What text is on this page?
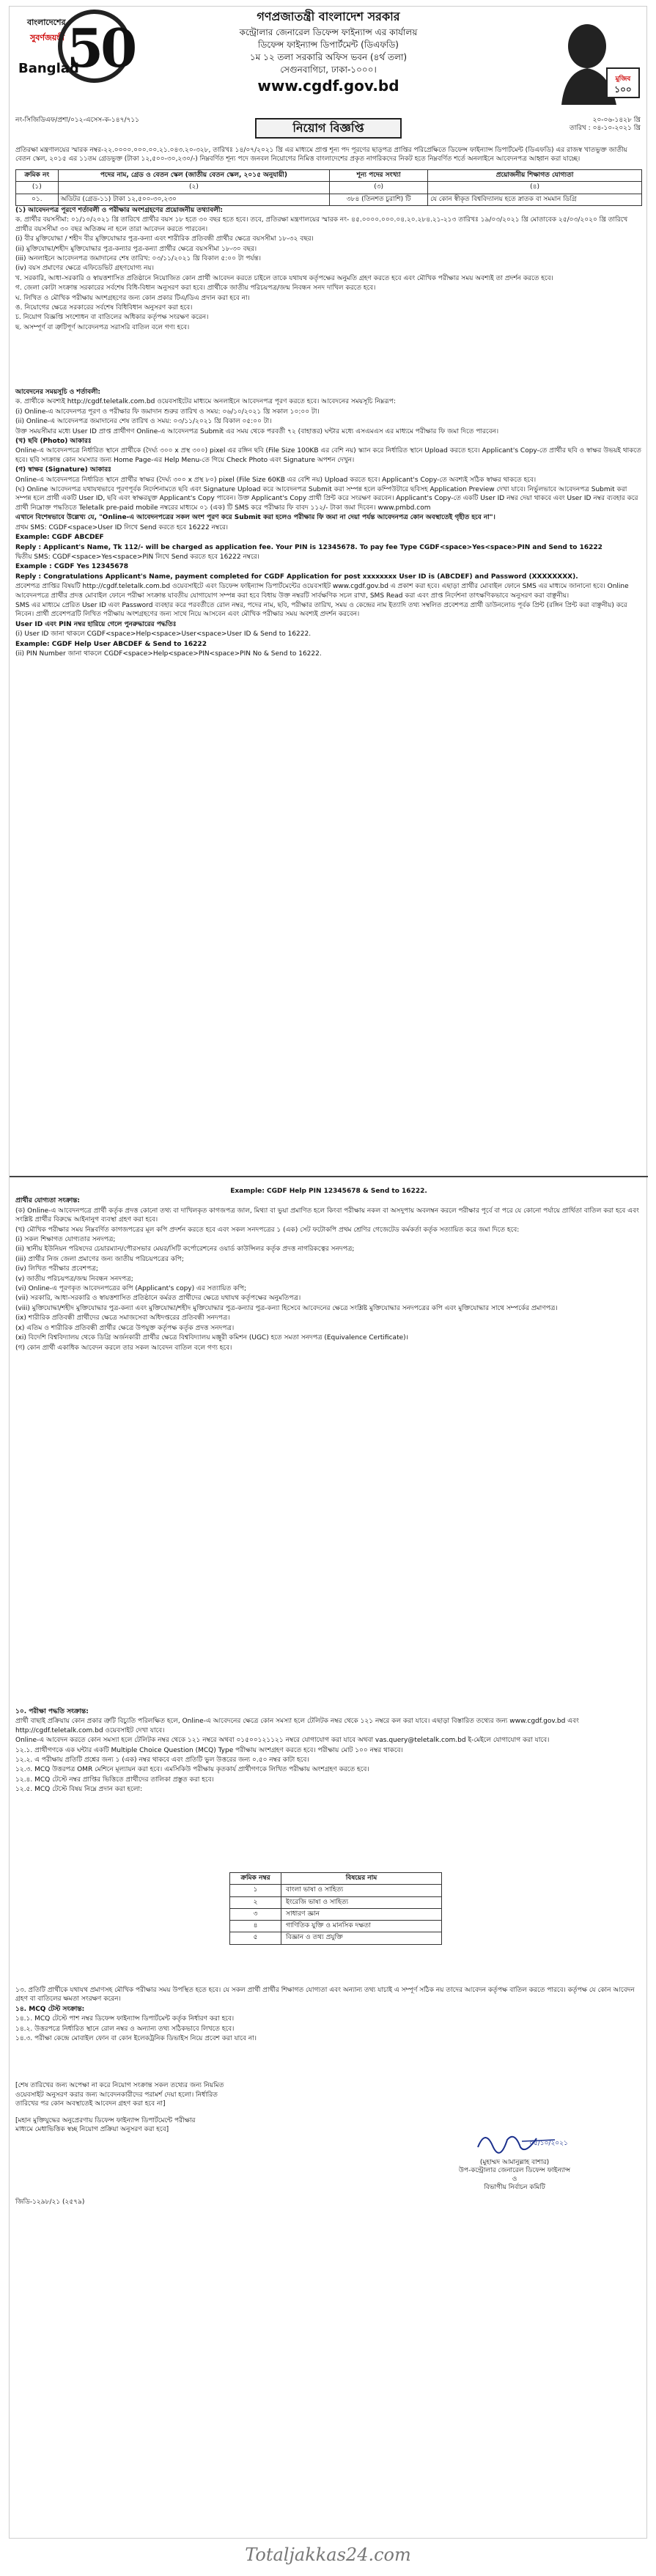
বাংলাদেশের
সুবর্ণজয়ন্তী 50
Banglad
গণপ্রজাতন্ত্রী বাংলাদেশ সরকার
কন্ট্রোলার জেনারেল ডিফেন্স ফাইন্যান্স এর কার্যালয়
ডিফেন্স ফাইন্যান্স ডিপার্টমেন্ট (ডিএফডি)
১ম ১২ তলা সরকারি অফিস ভবন (৪র্থ তলা)
সেগুনবাগিচা, ঢাকা-১০০০।
www.cgdf.gov.bd	মুজিব
১০০
নং-সিজিডিএফ/প্রশা/০১২-এসেস-ক-১৪৭/৭১১	২০-০৬-১৪২৮ খ্রি
তারিখ : ০৪-১০-২০২১ খ্রি
নিয়োগ বিজ্ঞপ্তি
প্রতিরক্ষা মন্ত্রণালয়ের স্মারক নম্বর-২২.০০০০.০০০.০০.২১.০৪৩.২০-৩২৮, তারিখঃ ১৪/০৭/২০২১ খ্রি এর মাধ্যমে প্রাপ্ত শূন্য পদ পূরণের ছাড়পত্র প্রাপ্তির পরিপ্রেক্ষিতে ডিফেন্স ফাইন্যান্স ডিপার্টমেন্ট (ডিএফডি) এর রাজস্ব খাতভুক্ত জাতীয় বেতন স্কেল, ২০১৫ এর ১১তম গ্রেডভুক্ত (টাকা ১২,৫০০-৩০,২৩০/-) নিম্নবর্ণিত শূন্য পদে জনবল নিয়োগের নিমিত্ত বাংলাদেশের প্রকৃত নাগরিকদের নিকট হতে নিম্নবর্ণিত শর্তে অনলাইনে আবেদনপত্র আহ্বান করা যাচ্ছে।
ক্রমিক নং	পদের নাম, গ্রেড ও বেতন স্কেল (জাতীয় বেতন স্কেল, ২০১৫ অনুযায়ী)	শূন্য পদের সংখ্যা	প্রয়োজনীয় শিক্ষাগত যোগ্যতা
(১)	(২)	(৩)	(৪)
০১.	অডিটর (গ্রেড-১১) টাকা ১২,৫০০-৩০,২৩০	৩৮৪ (তিনশত চুরাশি) টি	যে কোন স্বীকৃত বিশ্ববিদ্যালয় হতে স্নাতক বা সমমান ডিগ্রি

(১) আবেদনপত্র পূরণে শর্তাবলী ও পরীক্ষার অংশগ্রহণের প্রয়োজনীয় তথ্যাবলী:

ক. প্রার্থীর বয়সসীমা: ০১/১০/২০২১ খ্রি তারিখে প্রার্থীর বয়স ১৮ হতে ৩০ বছর হতে হবে। তবে, প্রতিরক্ষা মন্ত্রণালয়ের স্মারক নং- ৪৫.০০০০.০০০.০৪.২০.২৮৪.২১-২১৩ তারিখঃ ১৯/০৩/২০২১ খ্রি মোতাবেক ২৫/০৩/২০২০ খ্রি তারিখে প্রার্থীর বয়সসীমা ৩০ বছর অতিক্রম না হলে তারা আবেদন করতে পারবেন।

(i) বীর মুক্তিযোদ্ধা / শহীদ বীর মুক্তিযোদ্ধার পুত্র-কন্যা এবং শারীরিক প্রতিবন্ধী প্রার্থীর ক্ষেত্রে বয়সসীমা ১৮-৩২ বছর।

(ii) মুক্তিযোদ্ধা/শহীদ মুক্তিযোদ্ধার পুত্র-কন্যার পুত্র-কন্যা প্রার্থীর ক্ষেত্রে বয়সসীমা ১৮-৩০ বছর।

(iii) অনলাইনে আবেদনপত্র জমাদানের শেষ তারিখ: ০৩/১১/২০২১ খ্রি বিকাল ৫:০০ টা পর্যন্ত।

(iv) বয়স প্রমাণের ক্ষেত্রে এফিডেভিট গ্রহণযোগ্য নয়।

খ. সরকারি, আধা-সরকারি ও স্বায়ত্তশাসিত প্রতিষ্ঠানে নিয়োজিত কোন প্রার্থী আবেদন করতে চাইলে তাকে যথাযথ কর্তৃপক্ষের অনুমতি গ্রহণ করতে হবে এবং মৌখিক পরীক্ষার সময় অবশ্যই তা প্রদর্শন করতে হবে।

গ. জেলা কোটা সংক্রান্ত সরকারের সর্বশেষ বিধি-বিধান অনুসরণ করা হবে। প্রার্থীকে জাতীয় পরিচয়পত্র/জন্ম নিবন্ধন সনদ দাখিল করতে হবে।

ঘ. লিখিত ও মৌখিক পরীক্ষায় অংশগ্রহণের জন্য কোন প্রকার টিএ/ডিএ প্রদান করা হবে না।

ঙ. নিয়োগের ক্ষেত্রে সরকারের সর্বশেষ বিধিবিধান অনুসরণ করা হবে।

চ. নিয়োগ বিজ্ঞপ্তি সংশোধন বা বাতিলের অধিকার কর্তৃপক্ষ সংরক্ষণ করেন।

ছ. অসম্পূর্ণ বা ত্রুটিপূর্ণ আবেদনপত্র সরাসরি বাতিল বলে গণ্য হবে।

আবেদনের সময়সূচি ও শর্তাবলী:

ক. প্রার্থীকে অবশ্যই http://cgdf.teletalk.com.bd ওয়েবসাইটের মাধ্যমে অনলাইনে আবেদনপত্র পূরণ করতে হবে। আবেদনের সময়সূচি নিম্নরূপ:

(i) Online-এ আবেদনপত্র পূরণ ও পরীক্ষার ফি জমাদান শুরুর তারিখ ও সময়: ০৬/১০/২০২১ খ্রি সকাল ১০:০০ টা।

(ii) Online-এ আবেদনপত্র জমাদানের শেষ তারিখ ও সময়: ০৩/১১/২০২১ খ্রি বিকাল ০৫:০০ টা।

উক্ত সময়সীমার মধ্যে User ID প্রাপ্ত প্রার্থীগণ Online-এ আবেদনপত্র Submit এর সময় থেকে পরবর্তী ৭২ (বাহাত্তর) ঘন্টার মধ্যে এসএমএস এর মাধ্যমে পরীক্ষার ফি জমা দিতে পারবেন।

(খ) ছবি (Photo) আকারঃ

Online-এ আবেদনপত্রে নির্ধারিত স্থানে প্রার্থীকে (দৈর্ঘ্য ৩০০ x প্রস্থ ৩০০) pixel এর রঙ্গিন ছবি (File Size 100KB এর বেশি নয়) স্ক্যান করে নির্ধারিত স্থানে Upload করতে হবে। Applicant's Copy-তে প্রার্থীর ছবি ও স্বাক্ষর উভয়ই থাকতে হবে। ছবি সংক্রান্ত কোন সমস্যার জন্য Home Page-এর Help Menu-তে গিয়ে Check Photo এবং Signature অপশন দেখুন।

(গ) স্বাক্ষর (Signature) আকারঃ

Online-এ আবেদনপত্রে নির্ধারিত স্থানে প্রার্থীর স্বাক্ষর (দৈর্ঘ্য ৩০০ x প্রস্থ ৮০) pixel (File Size 60KB এর বেশি নয়) Upload করতে হবে। Applicant's Copy-তে অবশ্যই সঠিক স্বাক্ষর থাকতে হবে।

(ঘ) Online আবেদনপত্র যথাযথভাবে পূরণপূর্বক নির্দেশনামতে ছবি এবং Signature Upload করে আবেদনপত্র Submit করা সম্পন্ন হলে কম্পিউটারে ছবিসহ Application Preview দেখা যাবে। নির্ভুলভাবে আবেদনপত্র Submit করা সম্পন্ন হলে প্রার্থী একটি User ID, ছবি এবং স্বাক্ষরযুক্ত Applicant's Copy পাবেন। উক্ত Applicant's Copy প্রার্থী প্রিন্ট করে সংরক্ষণ করবেন। Applicant's Copy-তে একটি User ID নম্বর দেয়া থাকবে এবং User ID নম্বর ব্যবহার করে প্রার্থী নিম্নোক্ত পদ্ধতিতে Teletalk pre-paid mobile নম্বরের মাধ্যমে ০১ (এক) টি SMS করে পরীক্ষার ফি বাবদ ১১২/- টাকা জমা দিবেন। www.pmbd.com

এখানে বিশেষভাবে উল্লেখ্য যে, "Online-এ আবেদনপত্রের সকল অংশ পূরণ করে Submit করা হলেও পরীক্ষার ফি জমা না দেয়া পর্যন্ত আবেদনপত্র কোন অবস্থাতেই গৃহীত হবে না"।

প্রথম SMS: CGDF<space>User ID লিখে Send করতে হবে 16222 নম্বরে।

Example: CGDF ABCDEF

Reply : Applicant's Name, Tk 112/- will be charged as application fee. Your PIN is 12345678. To pay fee Type CGDF<space>Yes<space>PIN and Send to 16222

দ্বিতীয় SMS: CGDF<space>Yes<space>PIN লিখে Send করতে হবে 16222 নম্বরে।

Example : CGDF Yes 12345678

Reply : Congratulations Applicant's Name, payment completed for CGDF Application for post xxxxxxxx User ID is (ABCDEF) and Password (XXXXXXXX).

প্রবেশপত্র প্রাপ্তির বিষয়টি http://cgdf.teletalk.com.bd ওয়েবসাইটে এবং ডিফেন্স ফাইন্যান্স ডিপার্টমেন্টের ওয়েবসাইট www.cgdf.gov.bd এ প্রকাশ করা হবে। এছাড়া প্রার্থীর মোবাইল ফোনে SMS এর মাধ্যমে জানানো হবে। Online আবেদনপত্রে প্রার্থীর প্রদত্ত মোবাইল ফোনে পরীক্ষা সংক্রান্ত যাবতীয় যোগাযোগ সম্পন্ন করা হবে বিধায় উক্ত নম্বরটি সার্বক্ষণিক সচল রাখা, SMS Read করা এবং প্রাপ্ত নির্দেশনা তাৎক্ষণিকভাবে অনুসরণ করা বাঞ্ছনীয়।

SMS এর মাধ্যমে প্রেরিত User ID এবং Password ব্যবহার করে পরবর্তীতে রোল নম্বর, পদের নাম, ছবি, পরীক্ষার তারিখ, সময় ও কেন্দ্রের নাম ইত্যাদি তথ্য সম্বলিত প্রবেশপত্র প্রার্থী ডাউনলোড পূর্বক প্রিন্ট (রঙ্গিন প্রিন্ট করা বাঞ্ছনীয়) করে নিবেন। প্রার্থী প্রবেশপত্রটি লিখিত পরীক্ষায় অংশগ্রহণের জন্য সাথে নিয়ে আসবেন এবং মৌখিক পরীক্ষার সময় অবশ্যই প্রদর্শন করবেন।

User ID এবং PIN নম্বর হারিয়ে গেলে পুনরুদ্ধারের পদ্ধতিঃ

(i) User ID জানা থাকলে CGDF<space>Help<space>User<space>User ID & Send to 16222.

Example: CGDF Help User ABCDEF & Send to 16222

(ii) PIN Number জানা থাকলে CGDF<space>Help<space>PIN<space>PIN No & Send to 16222.

Example: CGDF Help PIN 12345678 & Send to 16222.

প্রার্থীর যোগ্যতা সংক্রান্ত:

(ক) Online-এ আবেদনপত্রে প্রার্থী কর্তৃক প্রদত্ত কোনো তথ্য বা দাখিলকৃত কাগজপত্র জাল, মিথ্যা বা ভুয়া প্রমাণিত হলে কিংবা পরীক্ষায় নকল বা অসদুপায় অবলম্বন করলে পরীক্ষার পূর্বে বা পরে যে কোনো পর্যায়ে প্রার্থিতা বাতিল করা হবে এবং সংশ্লিষ্ট প্রার্থীর বিরুদ্ধে আইনানুগ ব্যবস্থা গ্রহণ করা হবে।

(খ) মৌখিক পরীক্ষার সময় নিম্নবর্ণিত কাগজপত্রের মূল কপি প্রদর্শন করতে হবে এবং সকল সনদপত্রের ১ (এক) সেট ফটোকপি প্রথম শ্রেণির গেজেটেড কর্মকর্তা কর্তৃক সত্যায়িত করে জমা দিতে হবে:

(i) সকল শিক্ষাগত যোগ্যতার সনদপত্র;

(ii) স্থানীয় ইউনিয়ন পরিষদের চেয়ারম্যান/পৌরসভার মেয়র/সিটি কর্পোরেশনের ওয়ার্ড কাউন্সিলর কর্তৃক প্রদত্ত নাগরিকত্বের সনদপত্র;

(iii) প্রার্থীর নিজ জেলা প্রমাণের জন্য জাতীয় পরিচয়পত্রের কপি;

(iv) লিখিত পরীক্ষার প্রবেশপত্র;

(v) জাতীয় পরিচয়পত্র/জন্ম নিবন্ধন সনদপত্র;

(vi) Online-এ পূরণকৃত আবেদনপত্রের কপি (Applicant's copy) এর সত্যায়িত কপি;

(vii) সরকারি, আধা-সরকারি ও স্বায়ত্তশাসিত প্রতিষ্ঠানে কর্মরত প্রার্থীদের ক্ষেত্রে যথাযথ কর্তৃপক্ষের অনুমতিপত্র।

(viii) মুক্তিযোদ্ধা/শহীদ মুক্তিযোদ্ধার পুত্র-কন্যা এবং মুক্তিযোদ্ধা/শহীদ মুক্তিযোদ্ধার পুত্র-কন্যার পুত্র-কন্যা হিসেবে আবেদনের ক্ষেত্রে সংশ্লিষ্ট মুক্তিযোদ্ধার সনদপত্রের কপি এবং মুক্তিযোদ্ধার সাথে সম্পর্কের প্রমাণপত্র।

(ix) শারীরিক প্রতিবন্ধী প্রার্থীদের ক্ষেত্রে সমাজসেবা অধিদপ্তরের প্রতিবন্ধী সনদপত্র।

(x) এতিম ও শারীরিক প্রতিবন্ধী প্রার্থীর ক্ষেত্রে উপযুক্ত কর্তৃপক্ষ কর্তৃক প্রদত্ত সনদপত্র।

(xi) বিদেশি বিশ্ববিদ্যালয় থেকে ডিগ্রি অর্জনকারী প্রার্থীর ক্ষেত্রে বিশ্ববিদ্যালয় মঞ্জুরী কমিশন (UGC) হতে সমতা সনদপত্র (Equivalence Certificate)।

(গ) কোন প্রার্থী একাধিক আবেদন করলে তার সকল আবেদন বাতিল বলে গণ্য হবে।

১০. পরীক্ষা পদ্ধতি সংক্রান্ত:

প্রার্থী বাছাই প্রক্রিয়ায় কোন প্রকার ত্রুটি বিচ্যুতি পরিলক্ষিত হলে, Online-এ আবেদনের ক্ষেত্রে কোন সমস্যা হলে টেলিটক নম্বর থেকে ১২১ নম্বরে কল করা যাবে। এছাড়া বিস্তারিত তথ্যের জন্য www.cgdf.gov.bd এবং http://cgdf.teletalk.com.bd ওয়েবসাইট দেখা যাবে।

Online-এ আবেদন করতে কোন সমস্যা হলে টেলিটক নম্বর থেকে ১২১ নম্বরে অথবা ০১৫০০১২১১২১ নম্বরে যোগাযোগ করা যাবে অথবা vas.query@teletalk.com.bd ই-মেইলে যোগাযোগ করা যাবে।

১২.১. প্রার্থীগণকে এক ঘন্টার একটি Multiple Choice Question (MCQ) Type পরীক্ষায় অংশগ্রহণ করতে হবে। পরীক্ষায় মোট ১০০ নম্বর থাকবে।

১২.২. এ পরীক্ষায় প্রতিটি প্রশ্নের জন্য ১ (এক) নম্বর থাকবে এবং প্রতিটি ভুল উত্তরের জন্য ০.৫০ নম্বর কাটা হবে।

১২.৩. MCQ উত্তরপত্র OMR মেশিনে মূল্যায়ন করা হবে। এমসিকিউ পরীক্ষায় কৃতকার্য প্রার্থীগণকে লিখিত পরীক্ষায় অংশগ্রহণ করতে হবে।

১২.৪. MCQ টেস্টে নম্বর প্রাপ্তির ভিত্তিতে প্রার্থীদের তালিকা প্রস্তুত করা হবে।

১২.৫. MCQ টেস্টে বিষয় নিম্নে প্রদান করা হলো:

ক্রমিক নম্বর	বিষয়ের নাম
১	বাংলা ভাষা ও সাহিত্য
২	ইংরেজি ভাষা ও সাহিত্য
৩	সাধারণ জ্ঞান
৪	গাণিতিক যুক্তি ও মানসিক দক্ষতা
৫	বিজ্ঞান ও তথ্য প্রযুক্তি

১৩. প্রতিটি প্রার্থীকে যথাযথ প্রমাণসহ মৌখিক পরীক্ষার সময় উপস্থিত হতে হবে। যে সকল প্রার্থী প্রার্থীর শিক্ষাগত যোগ্যতা এবং অন্যান্য তথ্য যাচাই এ সম্পূর্ণ সঠিক নয় তাদের আবেদন কর্তৃপক্ষ বাতিল করতে পারবে। কর্তৃপক্ষ যে কোন আবেদন গ্রহণ বা বাতিলের ক্ষমতা সংরক্ষণ করেন।

১৪. MCQ টেস্ট সংক্রান্ত:

১৪.১. MCQ টেস্টে পাশ নম্বর ডিফেন্স ফাইন্যান্স ডিপার্টমেন্ট কর্তৃক নির্ধারণ করা হবে।

১৪.২. উত্তরপত্রে নির্ধারিত স্থানে রোল নম্বর ও অন্যান্য তথ্য সঠিকভাবে লিখতে হবে।

১৪.৩. পরীক্ষা কেন্দ্রে মোবাইল ফোন বা কোন ইলেকট্রনিক ডিভাইস নিয়ে প্রবেশ করা যাবে না।

[শেষ তারিখের জন্য অপেক্ষা না করে নিয়োগ সংক্রান্ত সকল তথ্যের জন্য নিয়মিত

ওয়েবসাইট অনুসরণ করার জন্য আবেদনকারীদের পরামর্শ দেয়া হলো। নির্ধারিত

তারিখের পর কোন অবস্থাতেই আবেদন গ্রহণ করা হবে না]

[মহান মুক্তিযুদ্ধের অনুপ্রেরণায় ডিফেন্স ফাইন্যান্স ডিপার্টমেন্টে পরীক্ষার

মাধ্যমে মেধাভিত্তিক স্বচ্ছ নিয়োগ প্রক্রিয়া অনুসরণ করা হবে]

০৫/১০/২০২১

(মুহাম্মদ আমানুল্লাহ বাশার)

উপ-কন্ট্রোলার জেনারেল ডিফেন্স ফাইন্যান্স

ও

বিভাগীয় নির্বাচন কমিটি

জিডি-১২৯৮/২১ (২৫৭৯)
Totaljakkas24.com
